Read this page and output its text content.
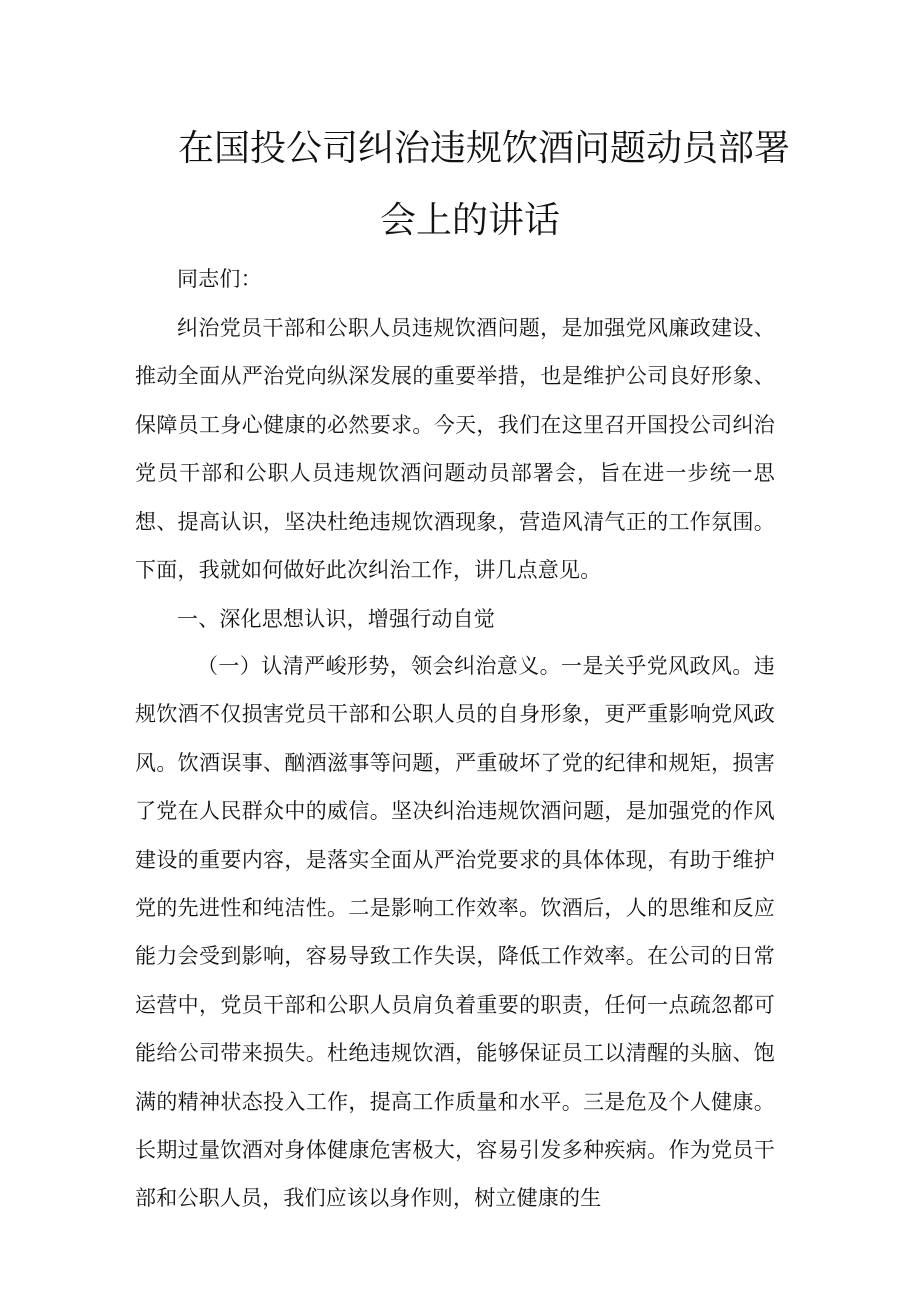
在国投公司纠治违规饮酒问题动员部署
会上的讲话

同志们：

纠治党员干部和公职人员违规饮酒问题，是加强党风廉政建设、推动全面从严治党向纵深发展的重要举措，也是维护公司良好形象、保障员工身心健康的必然要求。今天，我们在这里召开国投公司纠治党员干部和公职人员违规饮酒问题动员部署会，旨在进一步统一思想、提高认识，坚决杜绝违规饮酒现象，营造风清气正的工作氛围。下面，我就如何做好此次纠治工作，讲几点意见。

一、深化思想认识，增强行动自觉

（一）认清严峻形势，领会纠治意义。一是关乎党风政风。违规饮酒不仅损害党员干部和公职人员的自身形象，更严重影响党风政风。饮酒误事、酗酒滋事等问题，严重破坏了党的纪律和规矩，损害了党在人民群众中的威信。坚决纠治违规饮酒问题，是加强党的作风建设的重要内容，是落实全面从严治党要求的具体体现，有助于维护党的先进性和纯洁性。二是影响工作效率。饮酒后，人的思维和反应能力会受到影响，容易导致工作失误，降低工作效率。在公司的日常运营中，党员干部和公职人员肩负着重要的职责，任何一点疏忽都可能给公司带来损失。杜绝违规饮酒，能够保证员工以清醒的头脑、饱满的精神状态投入工作，提高工作质量和水平。三是危及个人健康。长期过量饮酒对身体健康危害极大，容易引发多种疾病。作为党员干部和公职人员，我们应该以身作则，树立健康的生
